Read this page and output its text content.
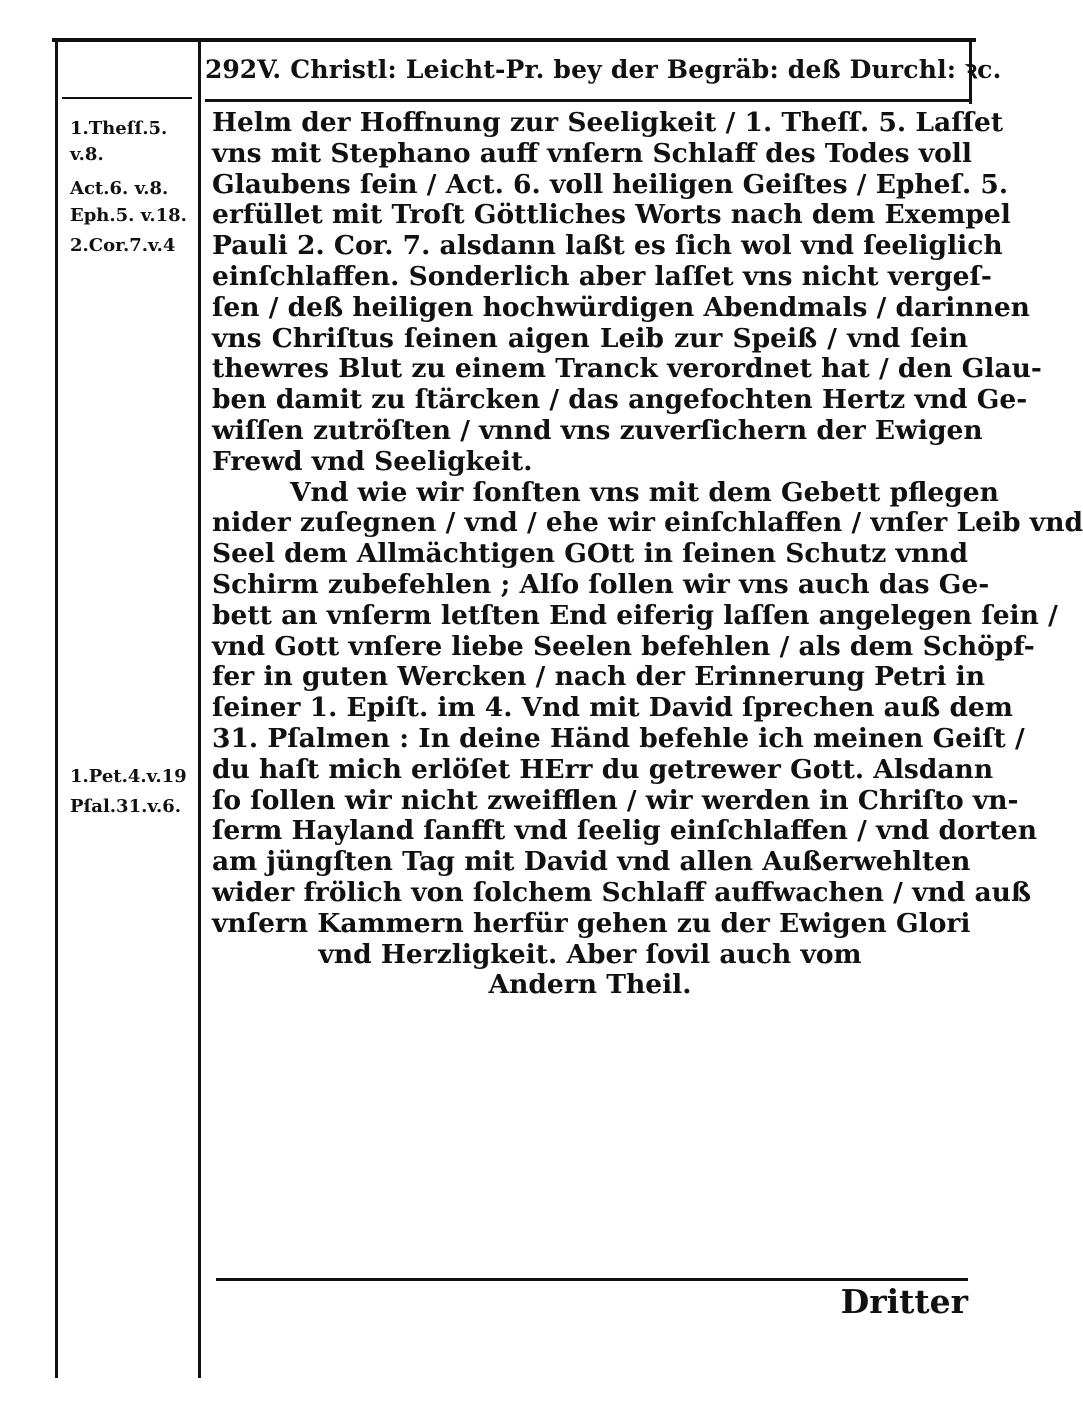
292 V. Christl: Leicht-Pr. bey der Begräb: deß Durchl: ꝛc.
1.Theſſ.5.
v.8.
Act.6. v.8.
Eph.5. v.18.
2.Cor.7.v.4
1.Pet.4.v.19
Pſal.31.v.6.
Helm der Hoffnung zur Seeligkeit / 1. Theſſ. 5. Laſſet
vns mit Stephano auff vnſern Schlaff des Todes voll
Glaubens ſein / Act. 6. voll heiligen Geiſtes / Epheſ. 5.
erfüllet mit Troſt Göttliches Worts nach dem Exempel
Pauli 2. Cor. 7. alsdann laßt es ſich wol vnd ſeeliglich
einſchlaffen. Sonderlich aber laſſet vns nicht vergeſ-
ſen / deß heiligen hochwürdigen Abendmals / darinnen
vns Chriſtus ſeinen aigen Leib zur Speiß / vnd ſein
thewres Blut zu einem Tranck verordnet hat / den Glau-
ben damit zu ſtärcken / das angefochten Hertz vnd Ge-
wiſſen zutröſten / vnnd vns zuverſichern der Ewigen
Frewd vnd Seeligkeit.
Vnd wie wir ſonſten vns mit dem Gebett pflegen
nider zuſegnen / vnd / ehe wir einſchlaffen / vnſer Leib vnd
Seel dem Allmächtigen GOtt in ſeinen Schutz vnnd
Schirm zubefehlen ; Alſo ſollen wir vns auch das Ge-
bett an vnſerm letſten End eiferig laſſen angelegen ſein /
vnd Gott vnſere liebe Seelen befehlen / als dem Schöpf-
fer in guten Wercken / nach der Erinnerung Petri in
ſeiner 1. Epiſt. im 4. Vnd mit David ſprechen auß dem
31. Pſalmen : In deine Händ befehle ich meinen Geiſt /
du haſt mich erlöſet HErr du getrewer Gott. Alsdann
ſo ſollen wir nicht zweifflen / wir werden in Chriſto vn-
ſerm Hayland ſanfft vnd ſeelig einſchlaffen / vnd dorten
am jüngſten Tag mit David vnd allen Außerwehlten
wider frölich von ſolchem Schlaff auffwachen / vnd auß
vnſern Kammern herfür gehen zu der Ewigen Glori
vnd Herzligkeit. Aber ſovil auch vom
Andern Theil.
Dritter
